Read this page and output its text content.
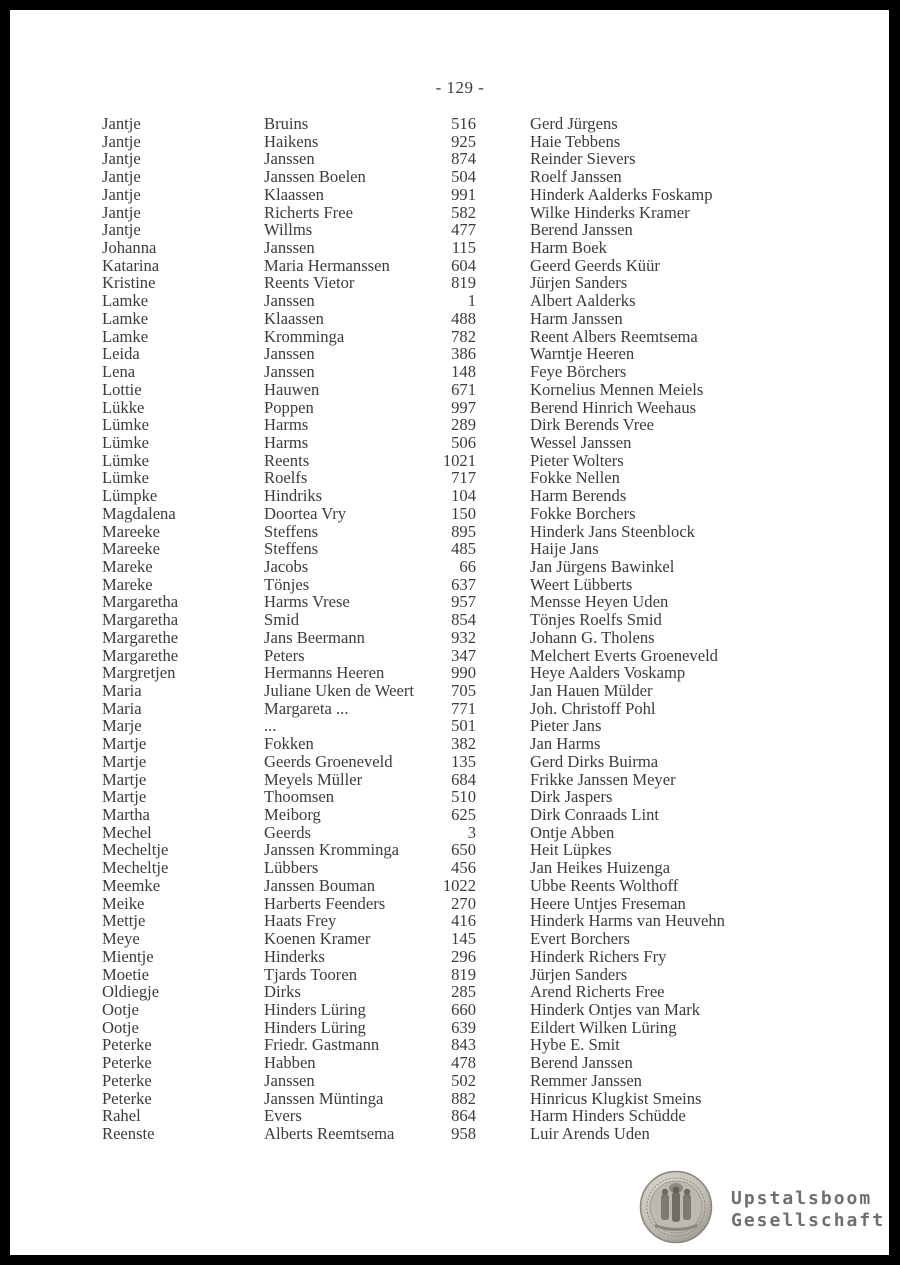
- 129 -
Jantje	Bruins	516	Gerd Jürgens
Jantje	Haikens	925	Haie Tebbens
Jantje	Janssen	874	Reinder Sievers
Jantje	Janssen Boelen	504	Roelf Janssen
Jantje	Klaassen	991	Hinderk Aalderks Foskamp
Jantje	Richerts Free	582	Wilke Hinderks Kramer
Jantje	Willms	477	Berend Janssen
Johanna	Janssen	115	Harm Boek
Katarina	Maria Hermanssen	604	Geerd Geerds Küür
Kristine	Reents Vietor	819	Jürjen Sanders
Lamke	Janssen	1	Albert Aalderks
Lamke	Klaassen	488	Harm Janssen
Lamke	Kromminga	782	Reent Albers Reemtsema
Leida	Janssen	386	Warntje Heeren
Lena	Janssen	148	Feye Börchers
Lottie	Hauwen	671	Kornelius Mennen Meiels
Lükke	Poppen	997	Berend Hinrich Weehaus
Lümke	Harms	289	Dirk Berends Vree
Lümke	Harms	506	Wessel Janssen
Lümke	Reents	1021	Pieter Wolters
Lümke	Roelfs	717	Fokke Nellen
Lümpke	Hindriks	104	Harm Berends
Magdalena	Doortea Vry	150	Fokke Borchers
Mareeke	Steffens	895	Hinderk Jans Steenblock
Mareeke	Steffens	485	Haije Jans
Mareke	Jacobs	66	Jan Jürgens Bawinkel
Mareke	Tönjes	637	Weert Lübberts
Margaretha	Harms Vrese	957	Mensse Heyen Uden
Margaretha	Smid	854	Tönjes Roelfs Smid
Margarethe	Jans Beermann	932	Johann G. Tholens
Margarethe	Peters	347	Melchert Everts Groeneveld
Margretjen	Hermanns Heeren	990	Heye Aalders Voskamp
Maria	Juliane Uken de Weert	705	Jan Hauen Mülder
Maria	Margareta ...	771	Joh. Christoff Pohl
Marje	...	501	Pieter Jans
Martje	Fokken	382	Jan Harms
Martje	Geerds Groeneveld	135	Gerd Dirks Buirma
Martje	Meyels Müller	684	Frikke Janssen Meyer
Martje	Thoomsen	510	Dirk Jaspers
Martha	Meiborg	625	Dirk Conraads Lint
Mechel	Geerds	3	Ontje Abben
Mecheltje	Janssen Kromminga	650	Heit Lüpkes
Mecheltje	Lübbers	456	Jan Heikes Huizenga
Meemke	Janssen Bouman	1022	Ubbe Reents Wolthoff
Meike	Harberts Feenders	270	Heere Untjes Freseman
Mettje	Haats Frey	416	Hinderk Harms van Heuvehn
Meye	Koenen Kramer	145	Evert Borchers
Mientje	Hinderks	296	Hinderk Richers Fry
Moetie	Tjards Tooren	819	Jürjen Sanders
Oldiegje	Dirks	285	Arend Richerts Free
Ootje	Hinders Lüring	660	Hinderk Ontjes van Mark
Ootje	Hinders Lüring	639	Eildert Wilken Lüring
Peterke	Friedr. Gastmann	843	Hybe E. Smit
Peterke	Habben	478	Berend Janssen
Peterke	Janssen	502	Remmer Janssen
Peterke	Janssen Müntinga	882	Hinricus Klugkist Smeins
Rahel	Evers	864	Harm Hinders Schüdde
Reenste	Alberts Reemtsema	958	Luir Arends Uden
Upstalsboom
Gesellschaft
